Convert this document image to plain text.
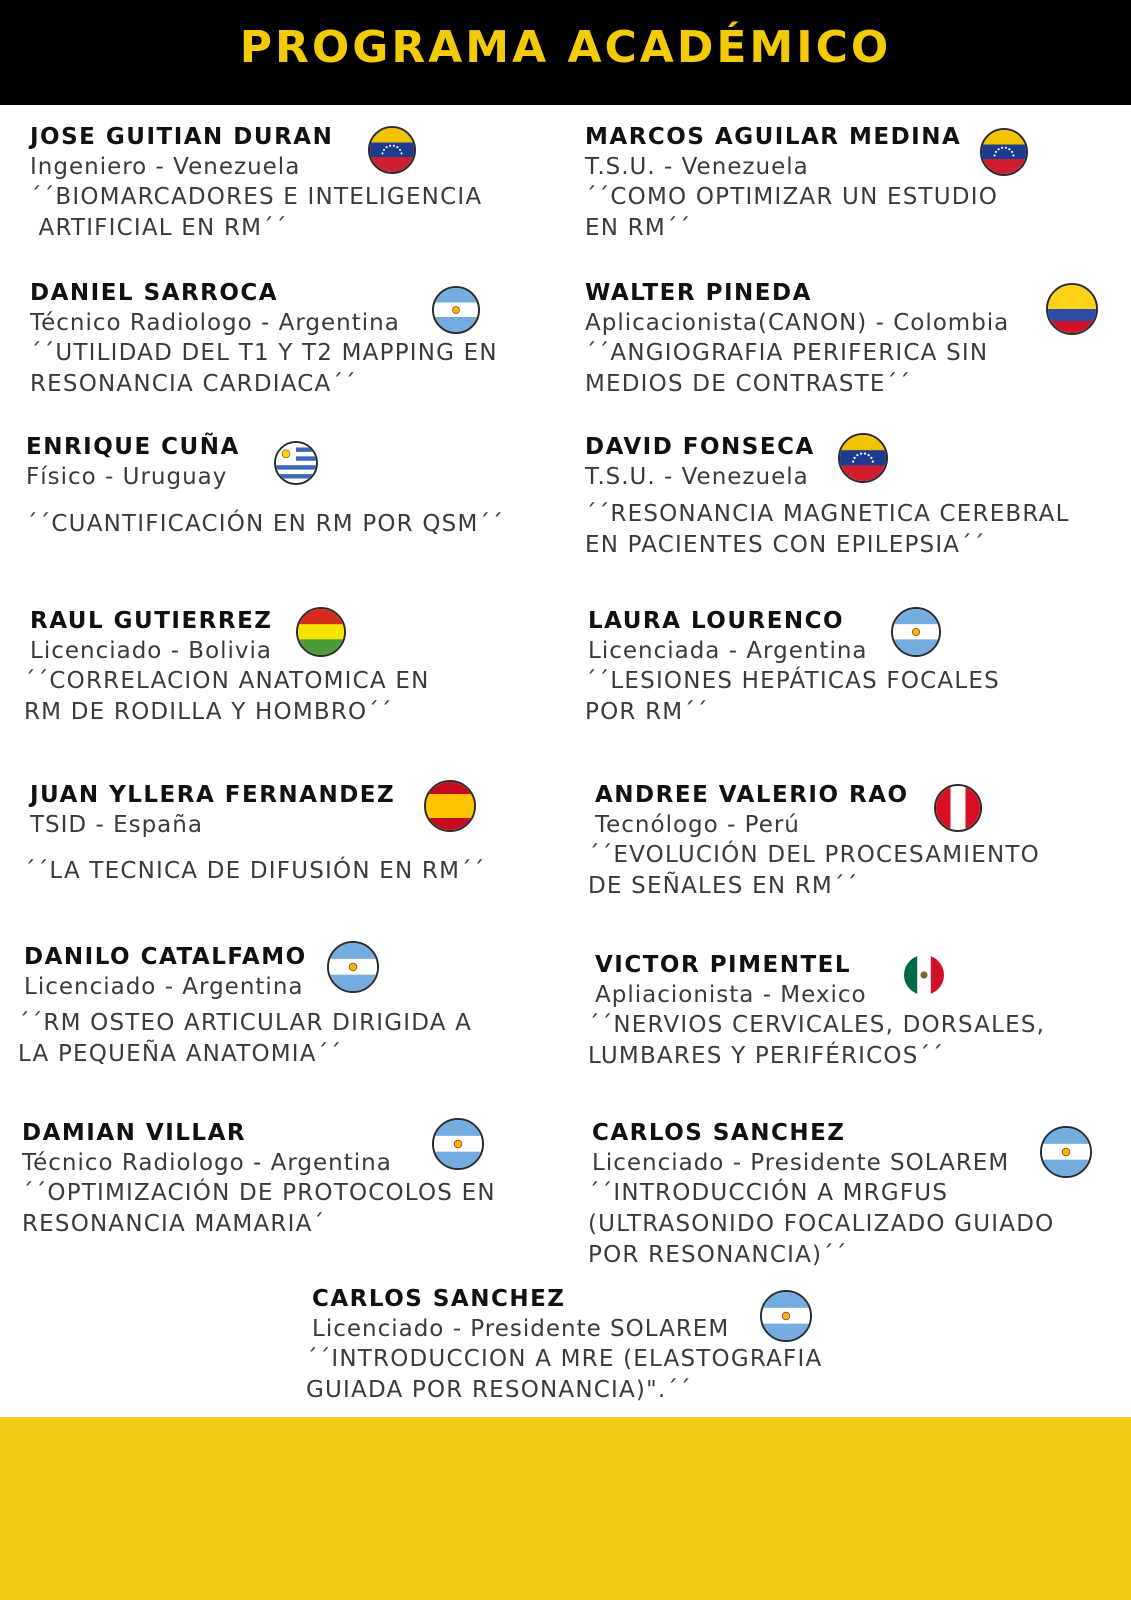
PROGRAMA ACADÉMICO
JOSE GUITIAN DURAN
Ingeniero - Venezuela
´´BIOMARCADORES E INTELIGENCIA
ARTIFICIAL EN RM´´
MARCOS AGUILAR MEDINA
T.S.U. - Venezuela
´´COMO OPTIMIZAR UN ESTUDIO
EN RM´´
DANIEL SARROCA
Técnico Radiologo - Argentina
´´UTILIDAD DEL T1 Y T2 MAPPING EN
RESONANCIA CARDIACA´´
WALTER PINEDA
Aplicacionista(CANON) - Colombia
´´ANGIOGRAFIA PERIFERICA SIN
MEDIOS DE CONTRASTE´´
ENRIQUE CUÑA
Físico - Uruguay
´´CUANTIFICACIÓN EN RM POR QSM´´
DAVID FONSECA
T.S.U. - Venezuela
´´RESONANCIA MAGNETICA CEREBRAL
EN PACIENTES CON EPILEPSIA´´
RAUL GUTIERREZ
Licenciado - Bolivia
´´CORRELACION ANATOMICA EN
RM DE RODILLA Y HOMBRO´´
LAURA LOURENCO
Licenciada - Argentina
´´LESIONES HEPÁTICAS FOCALES
POR RM´´
JUAN YLLERA FERNANDEZ
TSID - España
´´LA TECNICA DE DIFUSIÓN EN RM´´
ANDREE VALERIO RAO
Tecnólogo - Perú
´´EVOLUCIÓN DEL PROCESAMIENTO
DE SEÑALES EN RM´´
DANILO CATALFAMO
Licenciado - Argentina
´´RM OSTEO ARTICULAR DIRIGIDA A
LA PEQUEÑA ANATOMIA´´
VICTOR PIMENTEL
Apliacionista - Mexico
´´NERVIOS CERVICALES, DORSALES,
LUMBARES Y PERIFÉRICOS´´
DAMIAN VILLAR
Técnico Radiologo - Argentina
´´OPTIMIZACIÓN DE PROTOCOLOS EN
RESONANCIA MAMARIA´
CARLOS SANCHEZ
Licenciado - Presidente SOLAREM
´´INTRODUCCIÓN A MRGFUS
(ULTRASONIDO FOCALIZADO GUIADO
POR RESONANCIA)´´
CARLOS SANCHEZ
Licenciado - Presidente SOLAREM
´´INTRODUCCION A MRE (ELASTOGRAFIA
GUIADA POR RESONANCIA)".´´
